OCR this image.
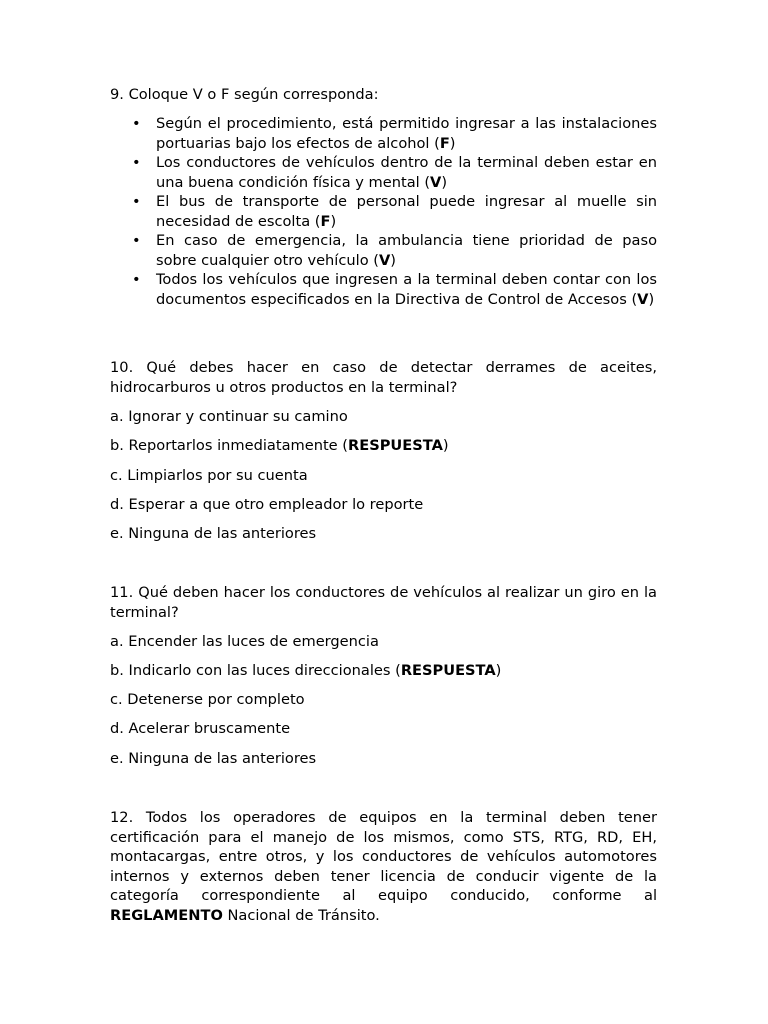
9. Coloque V o F según corresponda:

• Según el procedimiento, está permitido ingresar a las instalaciones portuarias bajo los efectos de alcohol (F)
• Los conductores de vehículos dentro de la terminal deben estar en una buena condición física y mental (V)
• El bus de transporte de personal puede ingresar al muelle sin necesidad de escolta (F)
• En caso de emergencia, la ambulancia tiene prioridad de paso sobre cualquier otro vehículo (V)
• Todos los vehículos que ingresen a la terminal deben contar con los documentos especificados en la Directiva de Control de Accesos (V)

10. Qué debes hacer en caso de detectar derrames de aceites, hidrocarburos u otros productos en la terminal?

a. Ignorar y continuar su camino

b. Reportarlos inmediatamente (RESPUESTA)

c. Limpiarlos por su cuenta

d. Esperar a que otro empleador lo reporte

e. Ninguna de las anteriores

11. Qué deben hacer los conductores de vehículos al realizar un giro en la terminal?

a. Encender las luces de emergencia

b. Indicarlo con las luces direccionales (RESPUESTA)

c. Detenerse por completo

d. Acelerar bruscamente

e. Ninguna de las anteriores

12. Todos los operadores de equipos en la terminal deben tener certificación para el manejo de los mismos, como STS, RTG, RD, EH, montacargas, entre otros, y los conductores de vehículos automotores internos y externos deben tener licencia de conducir vigente de la categoría correspondiente al equipo conducido, conforme al REGLAMENTO Nacional de Tránsito.
